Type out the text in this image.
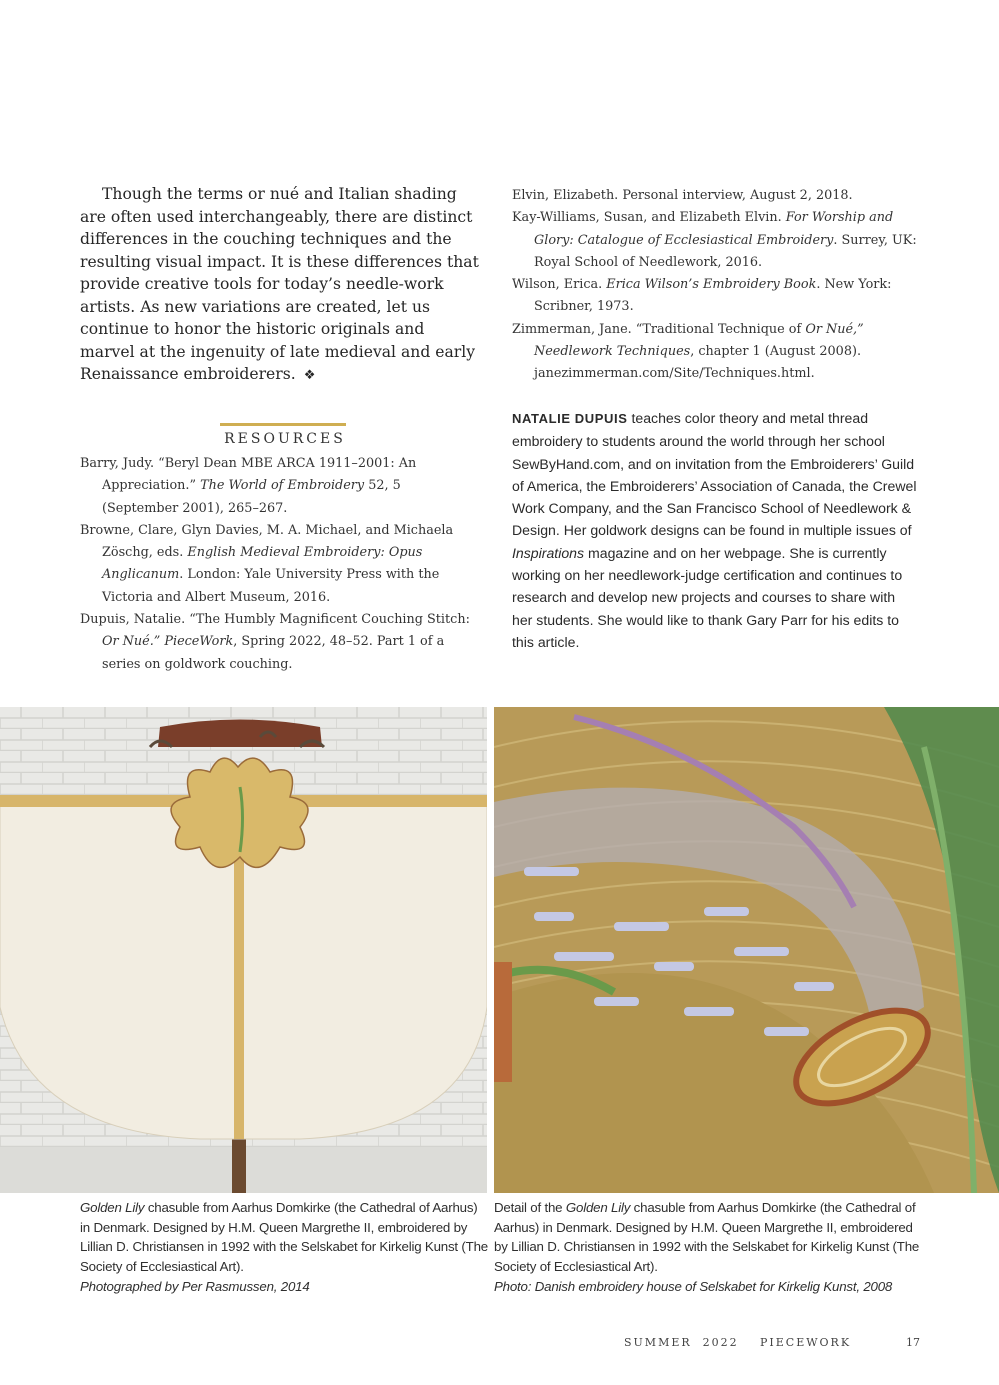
Though the terms or nué and Italian shading are often used interchangeably, there are distinct differences in the couching techniques and the resulting visual impact. It is these differences that provide creative tools for today’s needle-work artists. As new variations are created, let us continue to honor the historic originals and marvel at the ingenuity of late medieval and early Renaissance embroiderers. ❖

RESOURCES

Barry, Judy. “Beryl Dean MBE ARCA 1911–2001: An Appreciation.” The World of Embroidery 52, 5 (September 2001), 265–267.

Browne, Clare, Glyn Davies, M. A. Michael, and Michaela Zöschg, eds. English Medieval Embroidery: Opus Anglicanum. London: Yale University Press with the Victoria and Albert Museum, 2016.

Dupuis, Natalie. “The Humbly Magnificent Couching Stitch: Or Nué.” PieceWork, Spring 2022, 48–52. Part 1 of a series on goldwork couching.

Elvin, Elizabeth. Personal interview, August 2, 2018.

Kay-Williams, Susan, and Elizabeth Elvin. For Worship and Glory: Catalogue of Ecclesiastical Embroidery. Surrey, UK: Royal School of Needlework, 2016.

Wilson, Erica. Erica Wilson’s Embroidery Book. New York: Scribner, 1973.

Zimmerman, Jane. “Traditional Technique of Or Nué,” Needlework Techniques, chapter 1 (August 2008). janezimmerman.com/Site/Techniques.html.

NATALIE DUPUIS teaches color theory and metal thread embroidery to students around the world through her school SewByHand.com, and on invitation from the Embroiderers’ Guild of America, the Embroiderers’ Association of Canada, the Crewel Work Company, and the San Francisco School of Needlework & Design. Her goldwork designs can be found in multiple issues of Inspirations magazine and on her webpage. She is currently working on her needlework-judge certification and continues to research and develop new projects and courses to share with her students. She would like to thank Gary Parr for his edits to this article.

Golden Lily chasuble from Aarhus Domkirke (the Cathedral of Aarhus) in Denmark. Designed by H.M. Queen Margrethe II, embroidered by Lillian D. Christiansen in 1992 with the Selskabet for Kirkelig Kunst (The Society of Ecclesiastical Art).
Photographed by Per Rasmussen, 2014

Detail of the Golden Lily chasuble from Aarhus Domkirke (the Cathedral of Aarhus) in Denmark. Designed by H.M. Queen Margrethe II, embroidered by Lillian D. Christiansen in 1992 with the Selskabet for Kirkelig Kunst (The Society of Ecclesiastical Art).
Photo: Danish embroidery house of Selskabet for Kirkelig Kunst, 2008

SUMMER  2022 PIECEWORK	17
